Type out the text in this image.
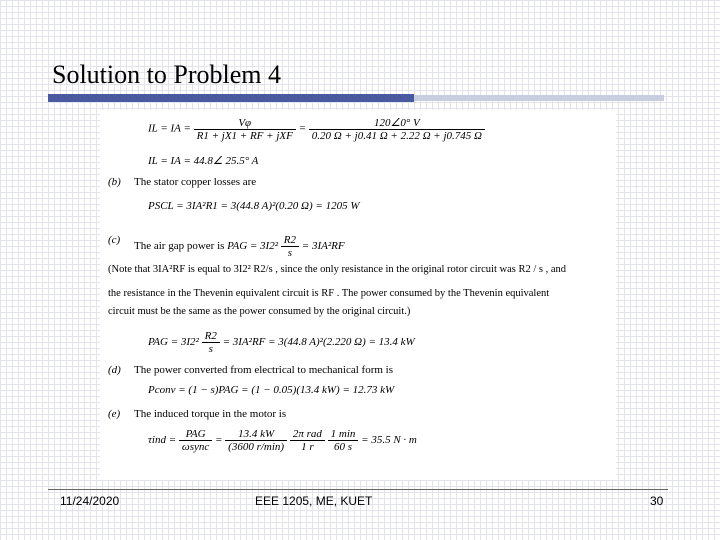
Solution to Problem 4
IL = IA = $\frac{V\varphi}{\text{R1 + jX1 + RF + jXF}} = \frac{120\angle 0^\circ V}{0.20 \Omega + j0.41 \Omega + 2.22 \Omega + j0.745 \Omega}$
IL = IA = 44.8∠ 25.5° A
(b) The stator copper losses are
PSCL = 3IA²R1 = 3(44.8 A)²(0.20 Ω) = 1205 W
(c)
The air gap power is PAG = $3I2^2 \frac{R2}{s} = 3IA^2RF$
(Note that 3IA²RF is equal to 3I2² R2/s , since the only resistance in the original rotor circuit was R2 / s , and
the resistance in the Thevenin equivalent circuit is RF . The power consumed by the Thevenin equivalent
circuit must be the same as the power consumed by the original circuit.)
PAG = $3I2^2 \frac{R2}{s} = 3IA^2RF = 3(44.8$ A)²(2.220 Ω) = 13.4 kW
(d) The power converted from electrical to mechanical form is
Pconv = (1 − s)PAG = (1 − 0.05)(13.4 kW) = 12.73 kW
(e) The induced torque in the motor is
$\tau ind = \frac{\text{PAG}}{\text{ωsync}} = \frac{13.4 kW}{(3600 r/\min)}$
$\frac{\text{2π rad}}{1 r}$
$\frac{1 \min}{60 s} = 35.5$ N · m
11/24/2020	EEE 1205, ME, KUET	30
